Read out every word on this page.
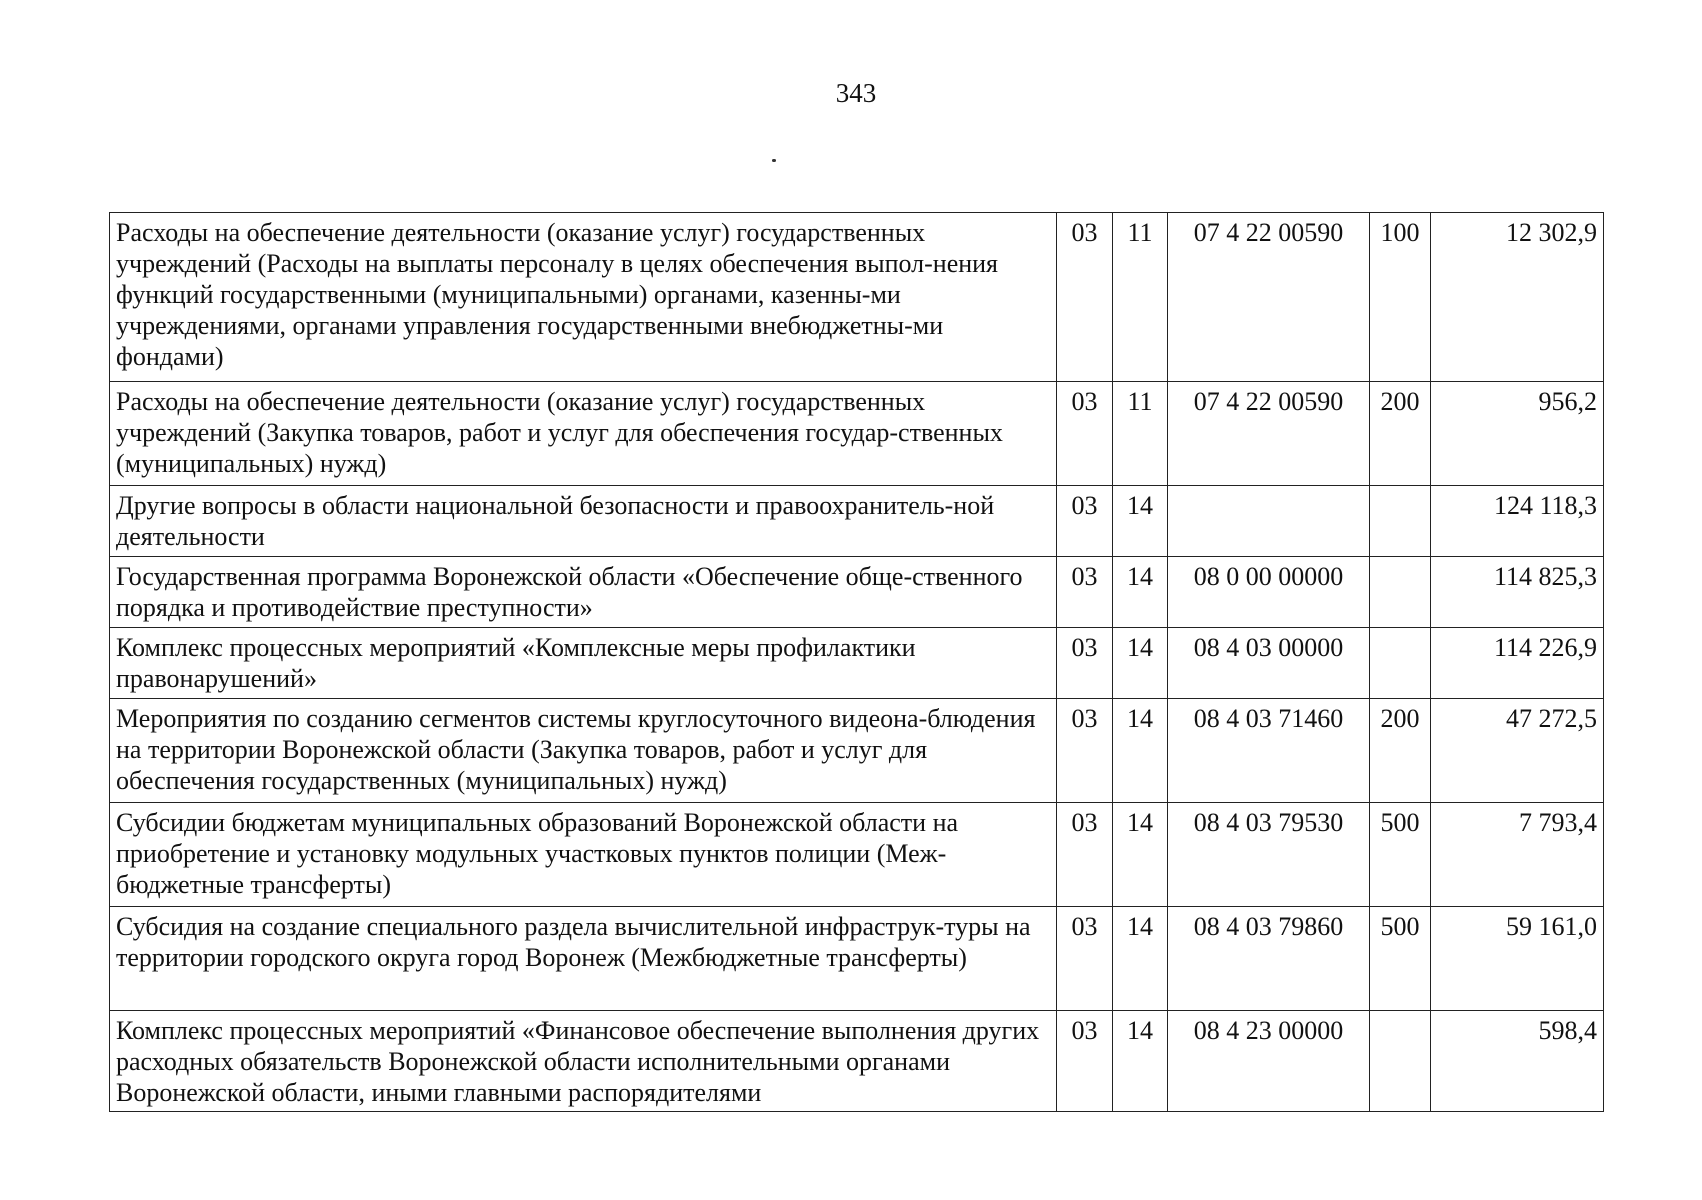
343
Расходы на обеспечение деятельности (оказание услуг) государственных учреждений (Расходы на выплаты персоналу в целях обеспечения выпол-нения функций государственными (муниципальными) органами, казенны-ми учреждениями, органами управления государственными внебюджетны-ми фондами)	03	11	07 4 22 00590	100	12 302,9
Расходы на обеспечение деятельности (оказание услуг) государственных учреждений (Закупка товаров, работ и услуг для обеспечения государ-ственных (муниципальных) нужд)	03	11	07 4 22 00590	200	956,2
Другие вопросы в области национальной безопасности и правоохранитель-ной деятельности	03	14			124 118,3
Государственная программа Воронежской области «Обеспечение обще-ственного порядка и противодействие преступности»	03	14	08 0 00 00000		114 825,3
Комплекс процессных мероприятий «Комплексные меры профилактики правонарушений»	03	14	08 4 03 00000		114 226,9
Мероприятия по созданию сегментов системы круглосуточного видеона-блюдения на территории Воронежской области (Закупка товаров, работ и услуг для обеспечения государственных (муниципальных) нужд)	03	14	08 4 03 71460	200	47 272,5
Субсидии бюджетам муниципальных образований Воронежской области на приобретение и установку модульных участковых пунктов полиции (Меж-бюджетные трансферты)	03	14	08 4 03 79530	500	7 793,4
Субсидия на создание специального раздела вычислительной инфраструк-туры на территории городского округа город Воронеж (Межбюджетные трансферты)	03	14	08 4 03 79860	500	59 161,0
Комплекс процессных мероприятий «Финансовое обеспечение выполнения других расходных обязательств Воронежской области исполнительными органами Воронежской области, иными главными распорядителями	03	14	08 4 23 00000		598,4
